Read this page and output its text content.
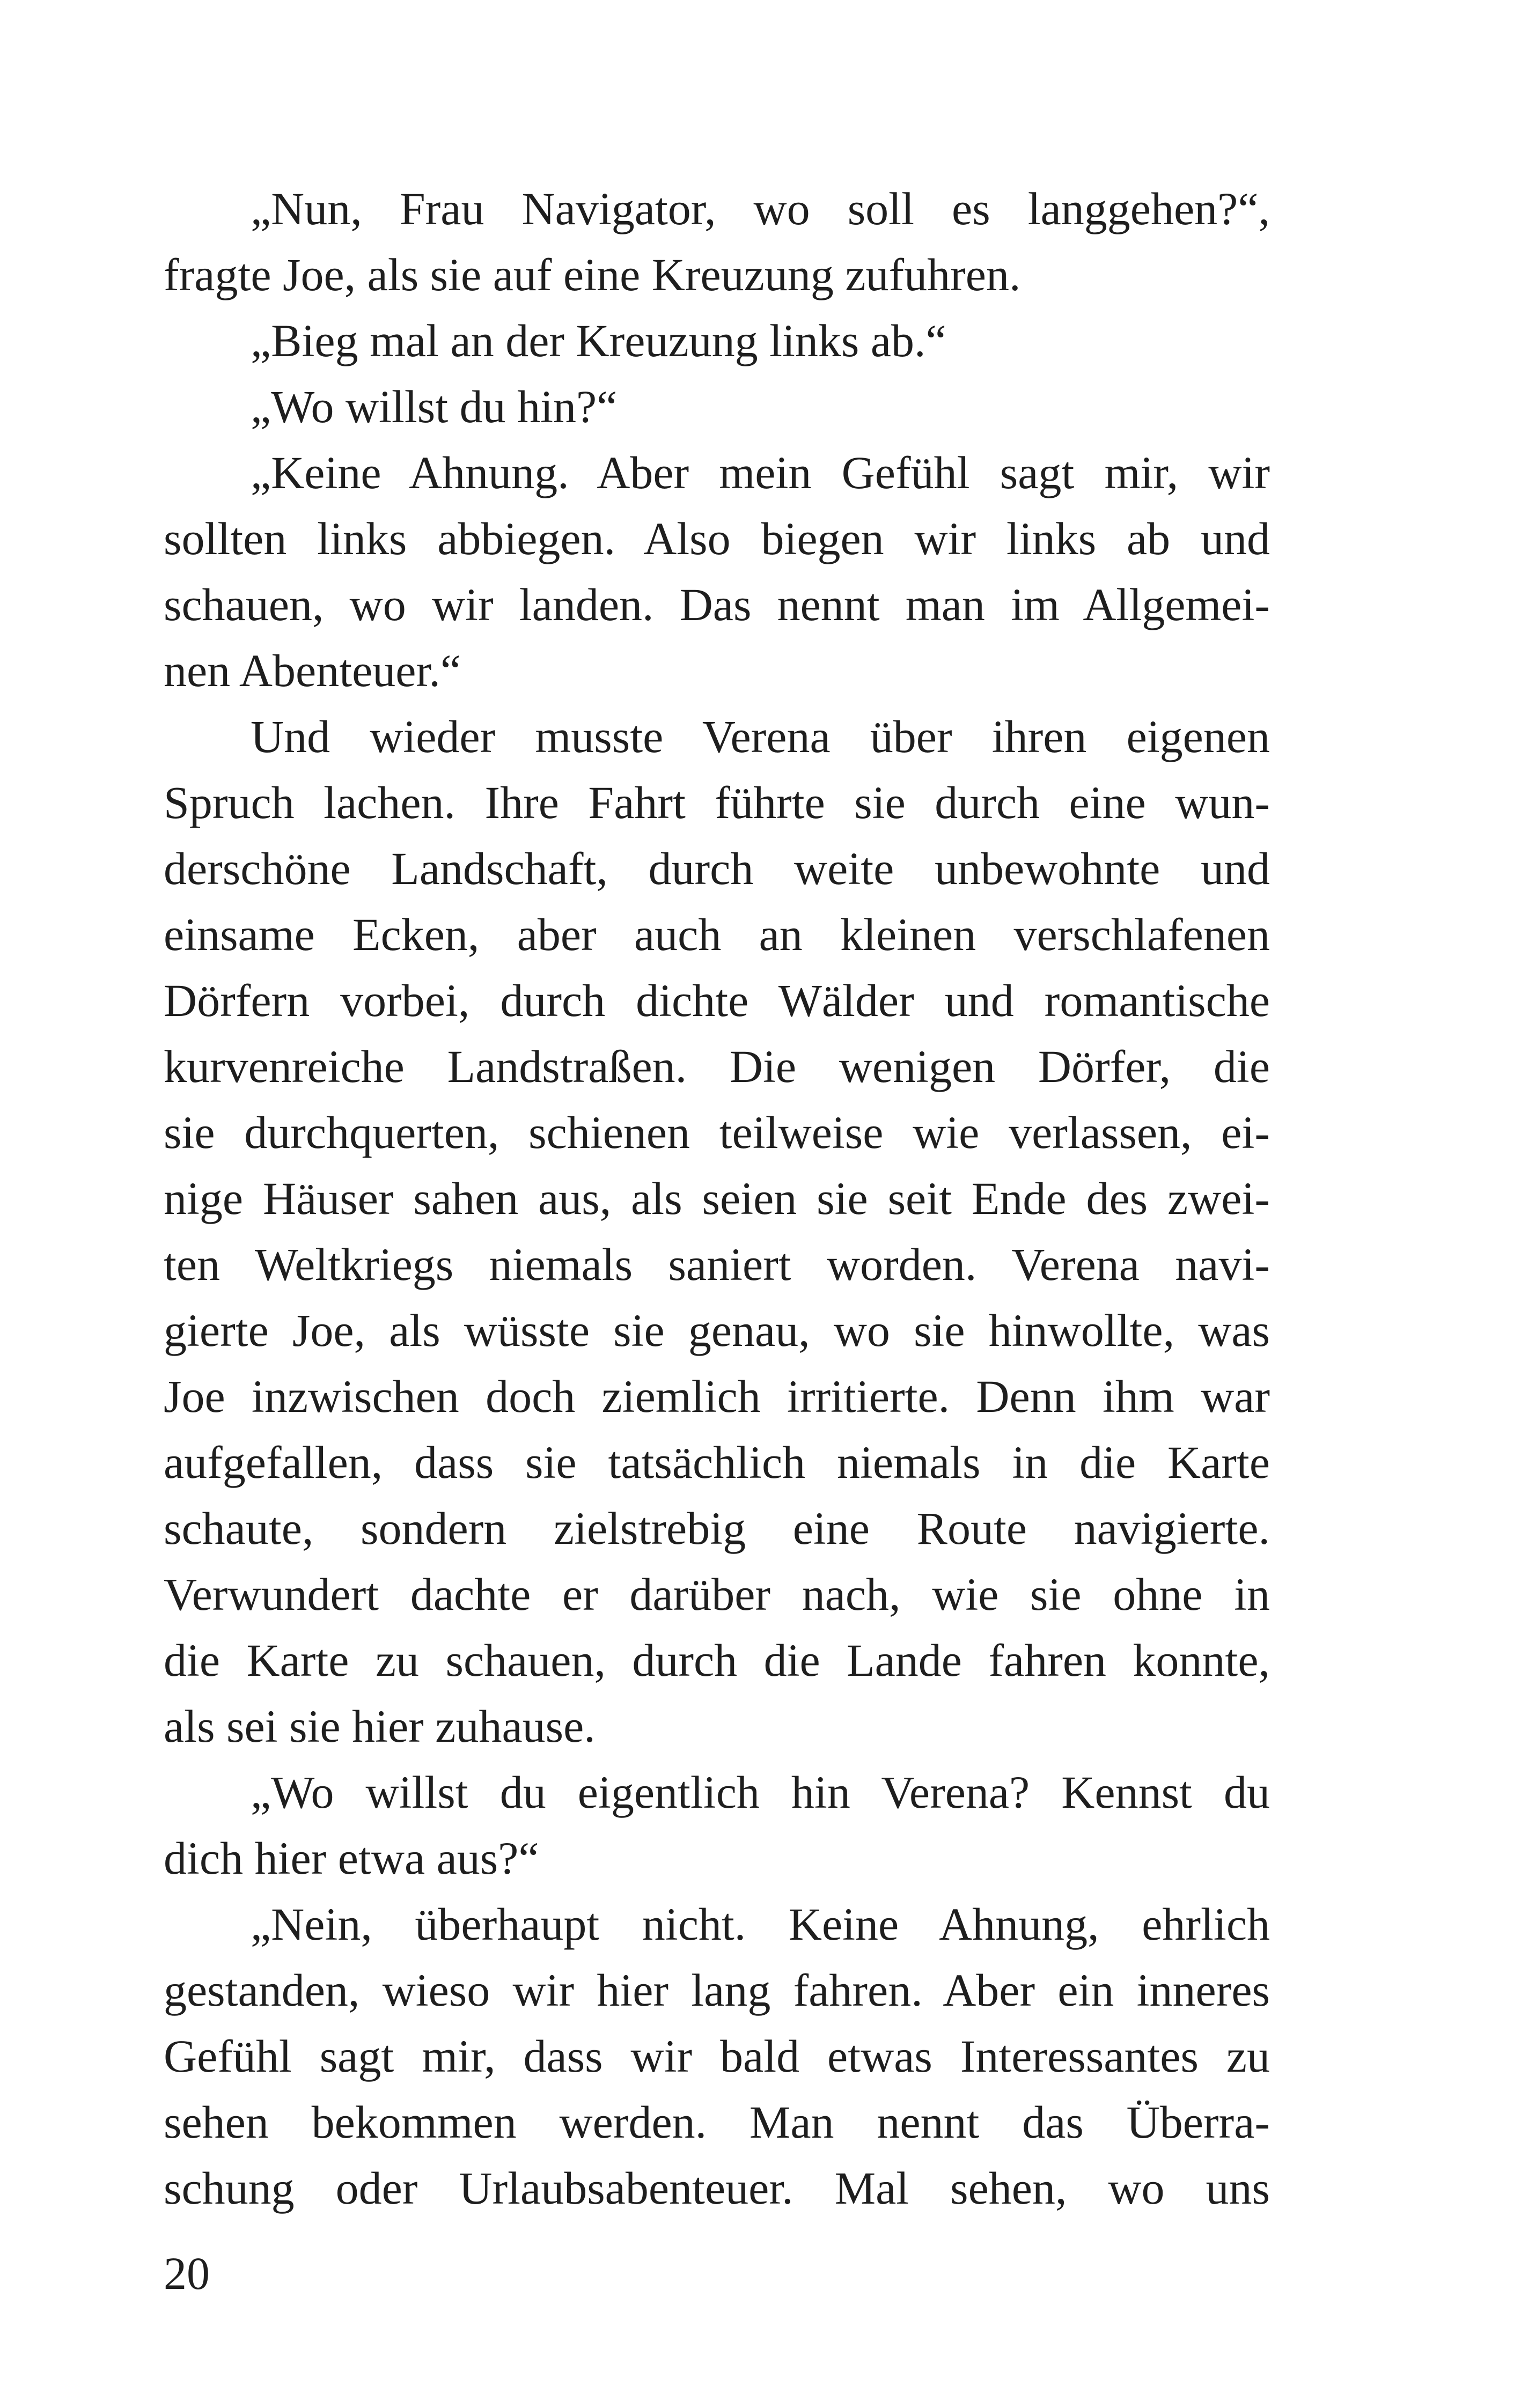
„Nun, Frau Navigator, wo soll es langgehen?“,
fragte Joe, als sie auf eine Kreuzung zufuhren.
„Bieg mal an der Kreuzung links ab.“
„Wo willst du hin?“
„Keine Ahnung. Aber mein Gefühl sagt mir, wir
sollten links abbiegen. Also biegen wir links ab und
schauen, wo wir landen. Das nennt man im Allgemei-
nen Abenteuer.“
Und wieder musste Verena über ihren eigenen
Spruch lachen. Ihre Fahrt führte sie durch eine wun-
derschöne Landschaft, durch weite unbewohnte und
einsame Ecken, aber auch an kleinen verschlafenen
Dörfern vorbei, durch dichte Wälder und romantische
kurvenreiche Landstraßen. Die wenigen Dörfer, die
sie durchquerten, schienen teilweise wie verlassen, ei-
nige Häuser sahen aus, als seien sie seit Ende des zwei-
ten Weltkriegs niemals saniert worden. Verena navi-
gierte Joe, als wüsste sie genau, wo sie hinwollte, was
Joe inzwischen doch ziemlich irritierte. Denn ihm war
aufgefallen, dass sie tatsächlich niemals in die Karte
schaute, sondern zielstrebig eine Route navigierte.
Verwundert dachte er darüber nach, wie sie ohne in
die Karte zu schauen, durch die Lande fahren konnte,
als sei sie hier zuhause.
„Wo willst du eigentlich hin Verena? Kennst du
dich hier etwa aus?“
„Nein, überhaupt nicht. Keine Ahnung, ehrlich
gestanden, wieso wir hier lang fahren. Aber ein inneres
Gefühl sagt mir, dass wir bald etwas Interessantes zu
sehen bekommen werden. Man nennt das Überra-
schung oder Urlaubsabenteuer. Mal sehen, wo uns
20
